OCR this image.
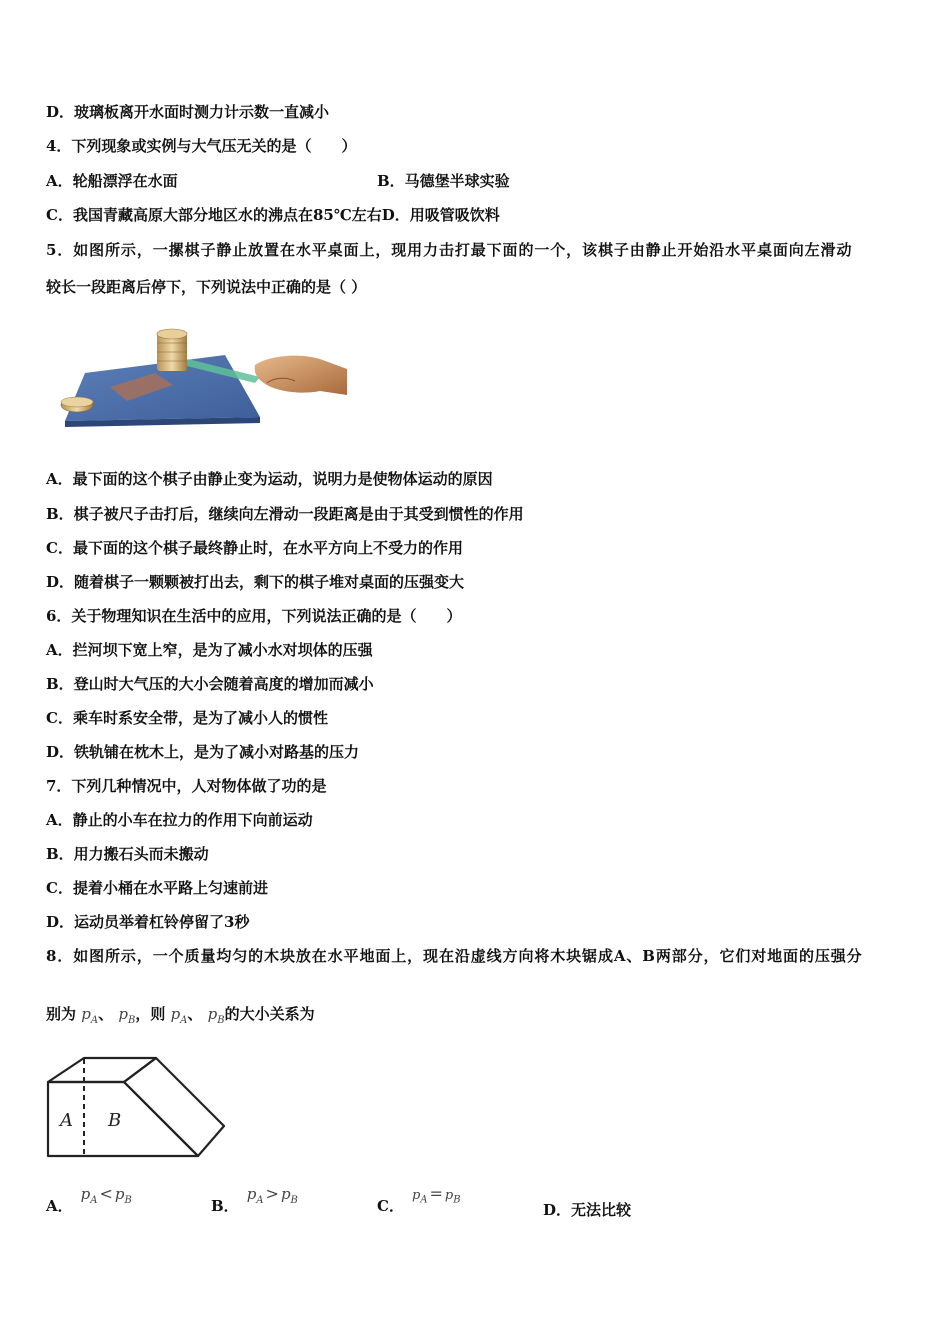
D．玻璃板离开水面时测力计示数一直减小
4．下列现象或实例与大气压无关的是（　　）
A．轮船漂浮在水面	B．马德堡半球实验
C．我国青藏高原大部分地区水的沸点在85℃左右D．用吸管吸饮料
5．如图所示，一摞棋子静止放置在水平桌面上，现用力击打最下面的一个，该棋子由静止开始沿水平桌面向左滑动
较长一段距离后停下，下列说法中正确的是（ ）
A．最下面的这个棋子由静止变为运动，说明力是使物体运动的原因
B．棋子被尺子击打后，继续向左滑动一段距离是由于其受到惯性的作用
C．最下面的这个棋子最终静止时，在水平方向上不受力的作用
D．随着棋子一颗颗被打出去，剩下的棋子堆对桌面的压强变大
6．关于物理知识在生活中的应用，下列说法正确的是（　　）
A．拦河坝下宽上窄，是为了减小水对坝体的压强
B．登山时大气压的大小会随着高度的增加而减小
C．乘车时系安全带，是为了减小人的惯性
D．铁轨铺在枕木上，是为了减小对路基的压力
7．下列几种情况中，人对物体做了功的是
A．静止的小车在拉力的作用下向前运动
B．用力搬石头而未搬动
C．提着小桶在水平路上匀速前进
D．运动员举着杠铃停留了3秒
8．如图所示，一个质量均匀的木块放在水平地面上，现在沿虚线方向将木块锯成A、B两部分，它们对地面的压强分
别为 $p_A$、 $p_B$，则 $p_A$、 $p_B$的大小关系为
A B
A．$p_A < p_B$	B．$p_A > p_B$	C．$p_A = p_B$
D．无法比较
